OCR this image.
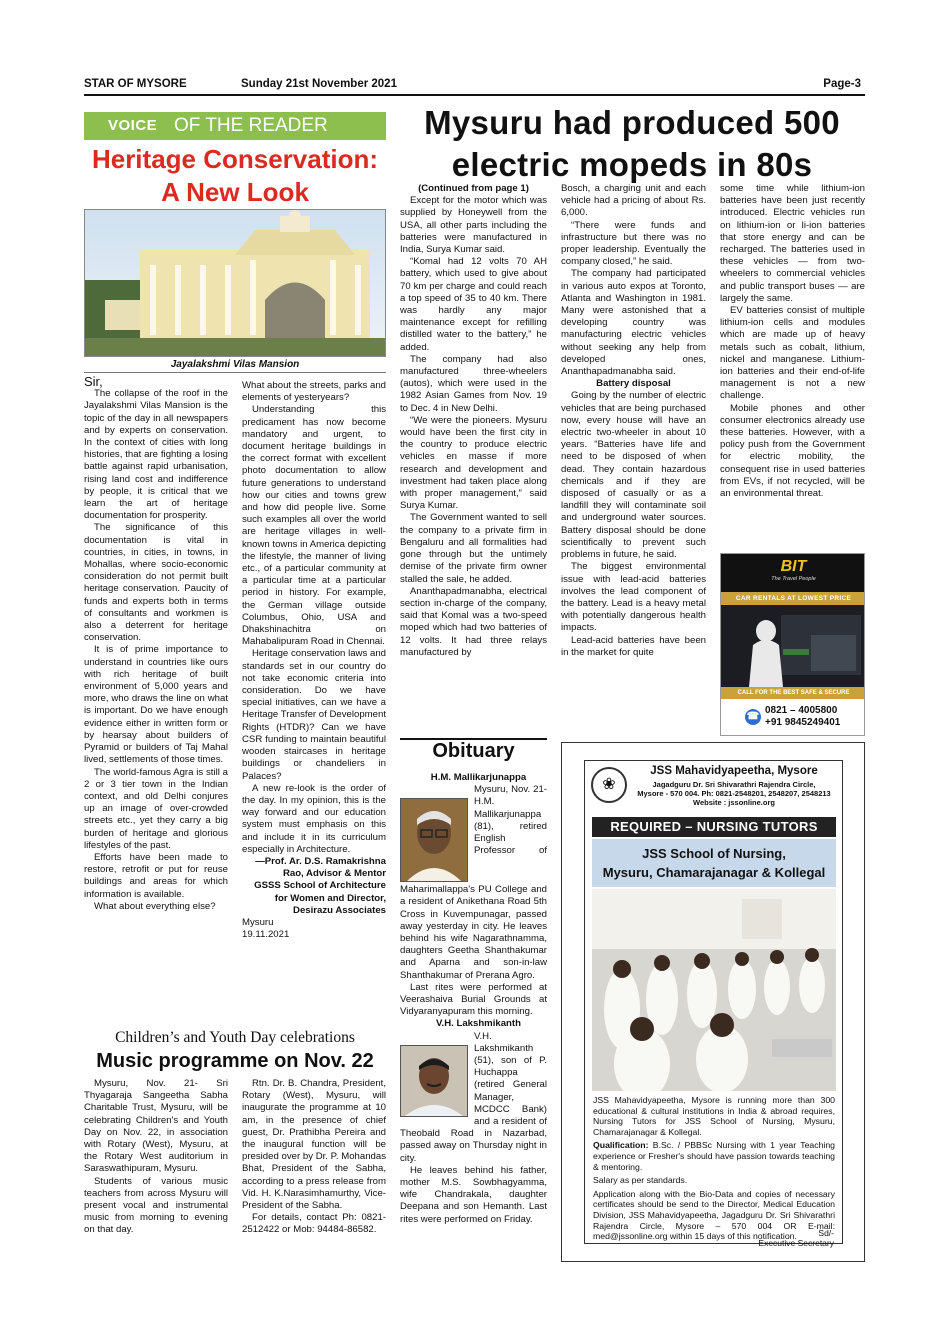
STAR OF MYSORE	Sunday 21st November 2021	Page-3
VOICE OF THE READER
Heritage Conservation:
A New Look
Jayalakshmi Vilas Mansion

Sir,

The collapse of the roof in the Jayalakshmi Vilas Mansion is the topic of the day in all newspapers and by experts on conservation. In the context of cities with long histories, that are fighting a losing battle against rapid urbanisation, rising land cost and indifference by people, it is critical that we learn the art of heritage documentation for prosperity.

The significance of this documentation is vital in countries, in cities, in towns, in Mohallas, where socio-economic consideration do not permit built heritage conservation. Paucity of funds and experts both in terms of consultants and workmen is also a deterrent for heritage conservation.

It is of prime importance to understand in countries like ours with rich heritage of built environment of 5,000 years and more, who draws the line on what is important. Do we have enough evidence either in written form or by hearsay about builders of Pyramid or builders of Taj Mahal lived, settlements of those times.

The world-famous Agra is still a 2 or 3 tier town in the Indian context, and old Delhi conjures up an image of over-crowded streets etc., yet they carry a big burden of heritage and glorious lifestyles of the past.

Efforts have been made to restore, retrofit or put for reuse buildings and areas for which information is available.

What about everything else?

What about the streets, parks and elements of yesteryears?

Understanding this predicament has now become mandatory and urgent, to document heritage buildings in the correct format with excellent photo documentation to allow future generations to understand how our cities and towns grew and how did people live. Some such examples all over the world are heritage villages in well-known towns in America depicting the lifestyle, the manner of living etc., of a particular community at a particular time at a particular period in history. For example, the German village outside Columbus, Ohio, USA and Dhakshinachitra on Mahabalipuram Road in Chennai.

Heritage conservation laws and standards set in our country do not take economic criteria into consideration. Do we have special initiatives, can we have a Heritage Transfer of Development Rights (HTDR)? Can we have CSR funding to maintain beautiful wooden staircases in heritage buildings or chandeliers in Palaces?

A new re-look is the order of the day. In my opinion, this is the way forward and our education system must emphasis on this and include it in its curriculum especially in Architecture.

—Prof. Ar. D.S. Ramakrishna

Rao, Advisor & Mentor

GSSS School of Architecture

for Women and Director,

Desirazu Associates

Mysuru

19.11.2021

Mysuru had produced 500
electric mopeds in 80s

(Continued from page 1)

Except for the motor which was supplied by Honeywell from the USA, all other parts including the batteries were manufactured in India, Surya Kumar said.

“Komal had 12 volts 70 AH battery, which used to give about 70 km per charge and could reach a top speed of 35 to 40 km. There was hardly any major maintenance except for refilling distilled water to the battery,” he added.

The company had also manufactured three-wheelers (autos), which were used in the 1982 Asian Games from Nov. 19 to Dec. 4 in New Delhi.

“We were the pioneers. Mysuru would have been the first city in the country to produce electric vehicles en masse if more research and development and investment had taken place along with proper management,” said Surya Kumar.

The Government wanted to sell the company to a private firm in Bengaluru and all formalities had gone through but the untimely demise of the private firm owner stalled the sale, he added.

Ananthapadmanabha, electrical section in-charge of the company, said that Komal was a two-speed moped which had two batteries of 12 volts. It had three relays manufactured by

Bosch, a charging unit and each vehicle had a pricing of about Rs. 6,000.

“There were funds and infrastructure but there was no proper leadership. Eventually the company closed,” he said.

The company had participated in various auto expos at Toronto, Atlanta and Washington in 1981. Many were astonished that a developing country was manufacturing electric vehicles without seeking any help from developed ones, Ananthapadmanabha said.

Battery disposal

Going by the number of electric vehicles that are being purchased now, every house will have an electric two-wheeler in about 10 years. “Batteries have life and need to be disposed of when dead. They contain hazardous chemicals and if they are disposed of casually or as a landfill they will contaminate soil and underground water sources. Battery disposal should be done scientifically to prevent such problems in future, he said.

The biggest environmental issue with lead-acid batteries involves the lead component of the battery. Lead is a heavy metal with potentially dangerous health impacts.

Lead-acid batteries have been in the market for quite

some time while lithium-ion batteries have been just recently introduced. Electric vehicles run on lithium-ion or li-ion batteries that store energy and can be recharged. The batteries used in these vehicles — from two-wheelers to commercial vehicles and public transport buses — are largely the same.

EV batteries consist of multiple lithium-ion cells and modules which are made up of heavy metals such as cobalt, lithium, nickel and manganese. Lithium-ion batteries and their end-of-life management is not a new challenge.

Mobile phones and other consumer electronics already use these batteries. However, with a policy push from the Government for electric mobility, the consequent rise in used batteries from EVs, if not recycled, will be an environmental threat.

BIT
The Travel People
CAR RENTALS AT LOWEST PRICE
CALL FOR THE BEST SAFE & SECURE
☎
0821 – 4005800
+91 9845249401
Obituary

H.M. Mallikarjunappa

Mysuru, Nov. 21- H.M. Mallikarjunappa (81), retired English Professor of Maharimallappa's PU College and a resident of Anikethana Road 5th Cross in Kuvempunagar, passed away yesterday in city. He leaves behind his wife Nagarathnamma, daughters Geetha Shanthakumar and Aparna and son-in-law Shanthakumar of Prerana Agro.

Last rites were performed at Veerashaiva Burial Grounds at Vidyaranyapuram this morning.

V.H. Lakshmikanth

V.H. Lakshmikanth (51), son of P. Huchappa (retired General Manager, MCDCC Bank) and a resident of Theobald Road in Nazarbad, passed away on Thursday night in city.

He leaves behind his father, mother M.S. Sowbhagyamma, wife Chandrakala, daughter Deepana and son Hemanth. Last rites were performed on Friday.

Children’s and Youth Day celebrations
Music programme on Nov. 22

Mysuru, Nov. 21- Sri Thyagaraja Sangeetha Sabha Charitable Trust, Mysuru, will be celebrating Children's and Youth Day on Nov. 22, in association with Rotary (West), Mysuru, at the Rotary West auditorium in Saraswathipuram, Mysuru.

Students of various music teachers from across Mysuru will present vocal and instrumental music from morning to evening on that day.

Rtn. Dr. B. Chandra, President, Rotary (West), Mysuru, will inaugurate the programme at 10 am, in the presence of chief guest, Dr. Prathibha Pereira and the inaugural function will be presided over by Dr. P. Mohandas Bhat, President of the Sabha, according to a press release from Vid. H. K.Narasimhamurthy, Vice-President of the Sabha.

For details, contact Ph: 0821-2512422 or Mob: 94484-86582.

❀
JSS Mahavidyapeetha, Mysore
Jagadguru Dr. Sri Shivarathri Rajendra Circle,
Mysore - 570 004. Ph: 0821-2548201, 2548207, 2548213
Website : jssonline.org
REQUIRED – NURSING TUTORS
JSS School of Nursing,
Mysuru, Chamarajanagar & Kollegal

JSS Mahavidyapeetha, Mysore is running more than 300 educational & cultural institutions in India & abroad requires, Nursing Tutors for JSS School of Nursing, Mysuru, Chamarajanagar & Kollegal.

Qualification: B.Sc. / PBBSc Nursing with 1 year Teaching experience or Fresher's should have passion towards teaching & mentoring.

Salary as per standards.

Application along with the Bio-Data and copies of necessary certificates should be send to the Director, Medical Education Division, JSS Mahavidyapeetha, Jagadguru Dr. Sri Shivarathri Rajendra Circle, Mysore – 570 004 OR E-mail: med@jssonline.org within 15 days of this notification.	Sd/-
Executive Secretary
